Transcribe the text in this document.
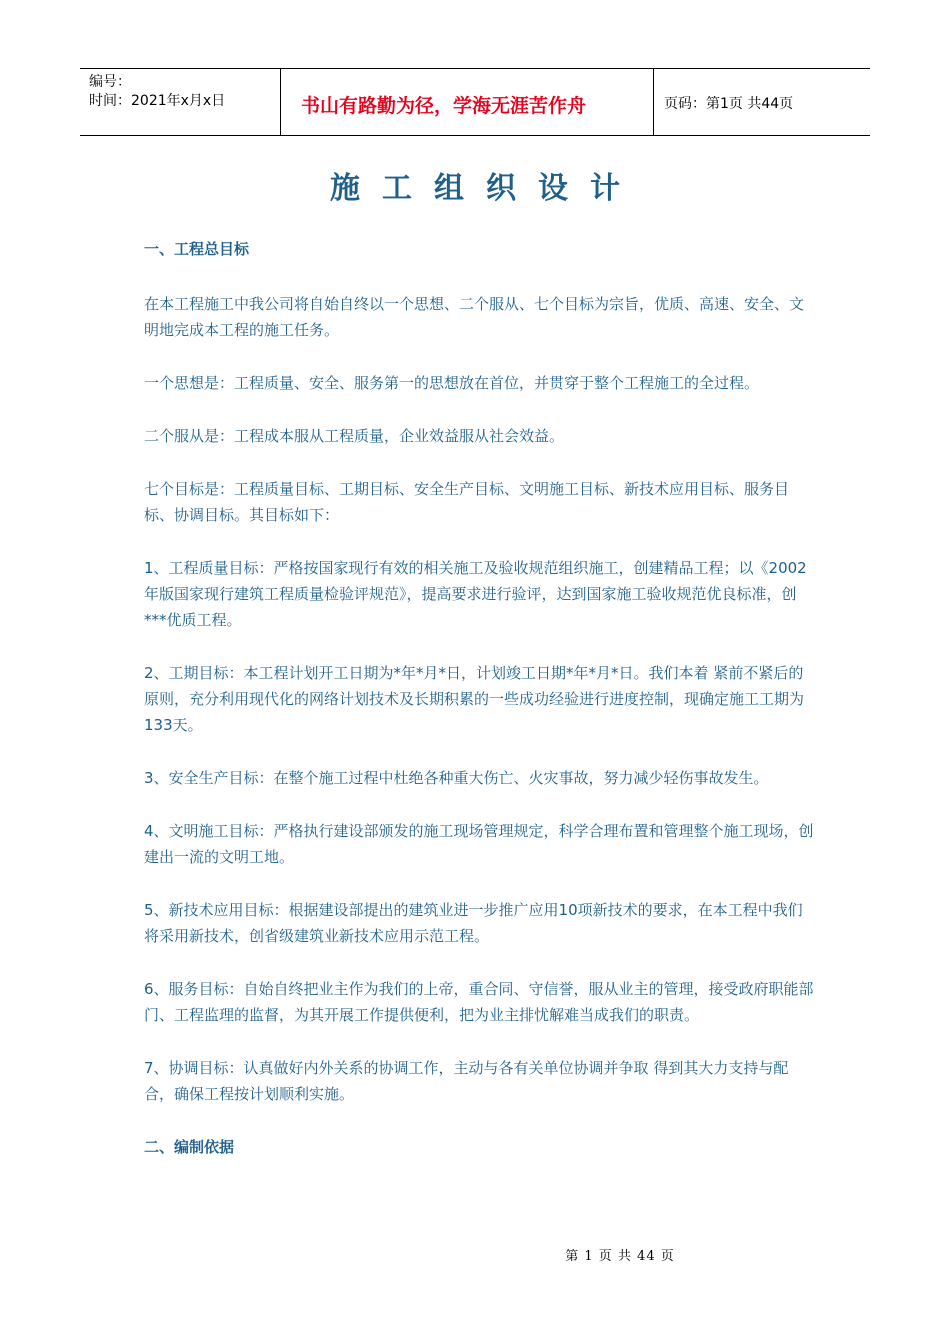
编号：
时间：2021年x月x日	书山有路勤为径，学海无涯苦作舟	页码：第1页 共44页
施工组织设计

一、工程总目标

在本工程施工中我公司将自始自终以一个思想、二个服从、七个目标为宗旨，优质、高速、安全、文明地完成本工程的施工任务。

一个思想是：工程质量、安全、服务第一的思想放在首位，并贯穿于整个工程施工的全过程。

二个服从是：工程成本服从工程质量，企业效益服从社会效益。

七个目标是：工程质量目标、工期目标、安全生产目标、文明施工目标、新技术应用目标、服务目标、协调目标。其目标如下：

1、工程质量目标：严格按国家现行有效的相关施工及验收规范组织施工，创建精品工程；以《2002年版国家现行建筑工程质量检验评规范》，提高要求进行验评，达到国家施工验收规范优良标准，创***优质工程。

2、工期目标：本工程计划开工日期为*年*月*日，计划竣工日期*年*月*日。我们本着 紧前不紧后的原则，充分利用现代化的网络计划技术及长期积累的一些成功经验进行进度控制，现确定施工工期为 133天。

3、安全生产目标：在整个施工过程中杜绝各种重大伤亡、火灾事故，努力减少轻伤事故发生。

4、文明施工目标：严格执行建设部颁发的施工现场管理规定，科学合理布置和管理整个施工现场，创建出一流的文明工地。

5、新技术应用目标：根据建设部提出的建筑业进一步推广应用10项新技术的要求，在本工程中我们将采用新技术，创省级建筑业新技术应用示范工程。

6、服务目标：自始自终把业主作为我们的上帝，重合同、守信誉，服从业主的管理，接受政府职能部门、工程监理的监督，为其开展工作提供便利，把为业主排忧解难当成我们的职责。

7、协调目标：认真做好内外关系的协调工作，主动与各有关单位协调并争取 得到其大力支持与配合，确保工程按计划顺利实施。

二、编制依据

第 1 页 共 44 页
